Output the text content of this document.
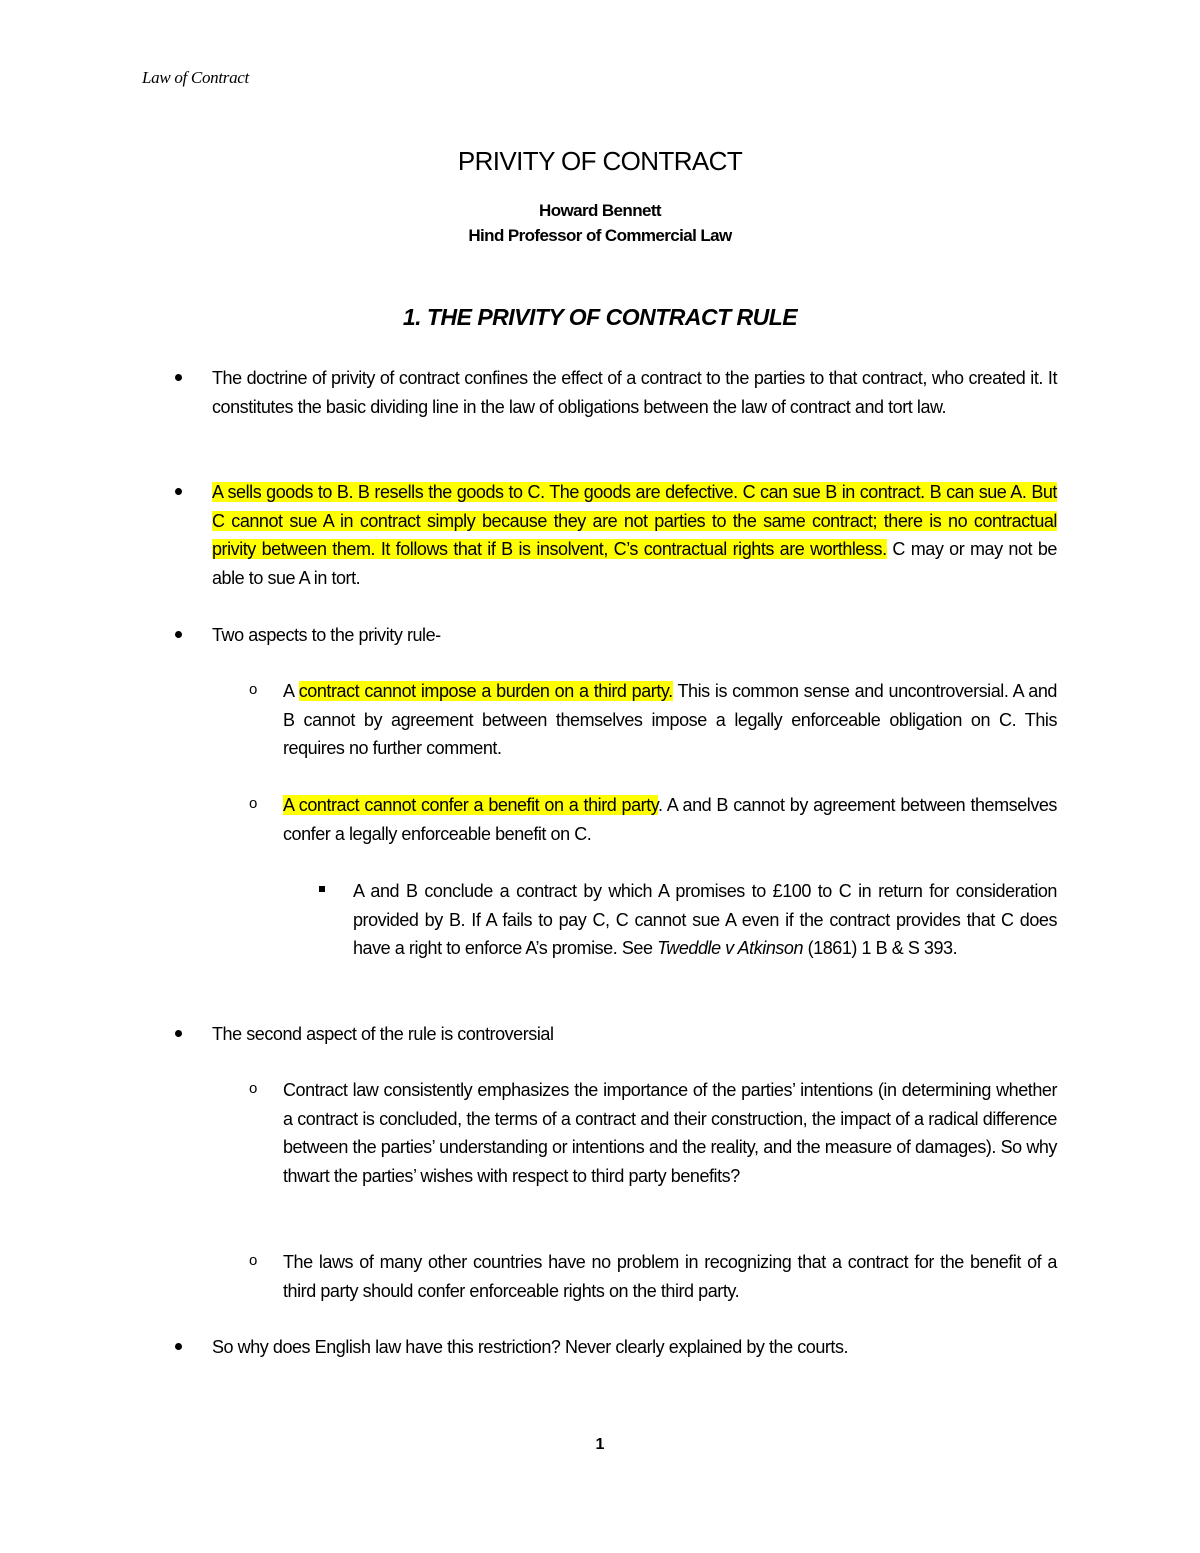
Law of Contract
PRIVITY OF CONTRACT
Howard Bennett
Hind Professor of Commercial Law
1. THE PRIVITY OF CONTRACT RULE

The doctrine of privity of contract confines the effect of a contract to the parties to that contract, who created it. It constitutes the basic dividing line in the law of obligations between the law of contract and tort law.

A sells goods to B. B resells the goods to C. The goods are defective. C can sue B in contract. B can sue A. But C cannot sue A in contract simply because they are not parties to the same contract; there is no contractual privity between them. It follows that if B is insolvent, C’s contractual rights are worthless. C may or may not be able to sue A in tort.

Two aspects to the privity rule-

o A contract cannot impose a burden on a third party. This is common sense and uncontroversial. A and B cannot by agreement between themselves impose a legally enforceable obligation on C. This requires no further comment.

o A contract cannot confer a benefit on a third party. A and B cannot by agreement between themselves confer a legally enforceable benefit on C.

A and B conclude a contract by which A promises to £100 to C in return for consideration provided by B. If A fails to pay C, C cannot sue A even if the contract provides that C does have a right to enforce A’s promise. See Tweddle v Atkinson (1861) 1 B & S 393.

The second aspect of the rule is controversial

o Contract law consistently emphasizes the importance of the parties’ intentions (in determining whether a contract is concluded, the terms of a contract and their construction, the impact of a radical difference between the parties’ understanding or intentions and the reality, and the measure of damages). So why thwart the parties’ wishes with respect to third party benefits?

o The laws of many other countries have no problem in recognizing that a contract for the benefit of a third party should confer enforceable rights on the third party.

So why does English law have this restriction? Never clearly explained by the courts.

1
